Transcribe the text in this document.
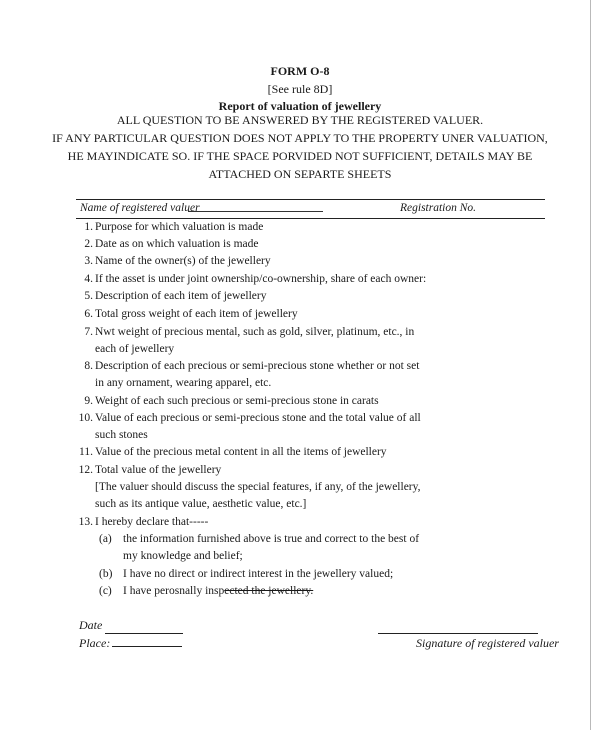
FORM O-8
[See rule 8D]
Report of valuation of jewellery
ALL QUESTION TO BE ANSWERED BY THE REGISTERED VALUER.
IF ANY PARTICULAR QUESTION DOES NOT APPLY TO THE PROPERTY UNER VALUATION,
HE MAYINDICATE SO. IF THE SPACE PORVIDED NOT SUFFICIENT, DETAILS MAY BE
ATTACHED ON SEPARTE SHEETS
Name of registered valuer	Registration No.
1. Purpose for which valuation is made
2. Date as on which valuation is made
3. Name of the owner(s) of the jewellery
4. If the asset is under joint ownership/co-ownership, share of each owner:
5. Description of each item of jewellery
6. Total gross weight of each item of jewellery
7. Nwt weight of precious mental, such as gold, silver, platinum, etc., in
each of jewellery
8. Description of each precious or semi-precious stone whether or not set
in any ornament, wearing apparel, etc.
9. Weight of each such precious or semi-precious stone in carats
10. Value of each precious or semi-precious stone and the total value of all
such stones
11. Value of the precious metal content in all the items of jewellery
12. Total value of the jewellery
[The valuer should discuss the special features, if any, of the jewellery,
such as its antique value, aesthetic value, etc.]
13. I hereby declare that-----
(a) the information furnished above is true and correct to the best of
my knowledge and belief;
(b) I have no direct or indirect interest in the jewellery valued;
(c) I have perosnally inspected the jewellery.
Date
Place:	Signature of registered valuer
